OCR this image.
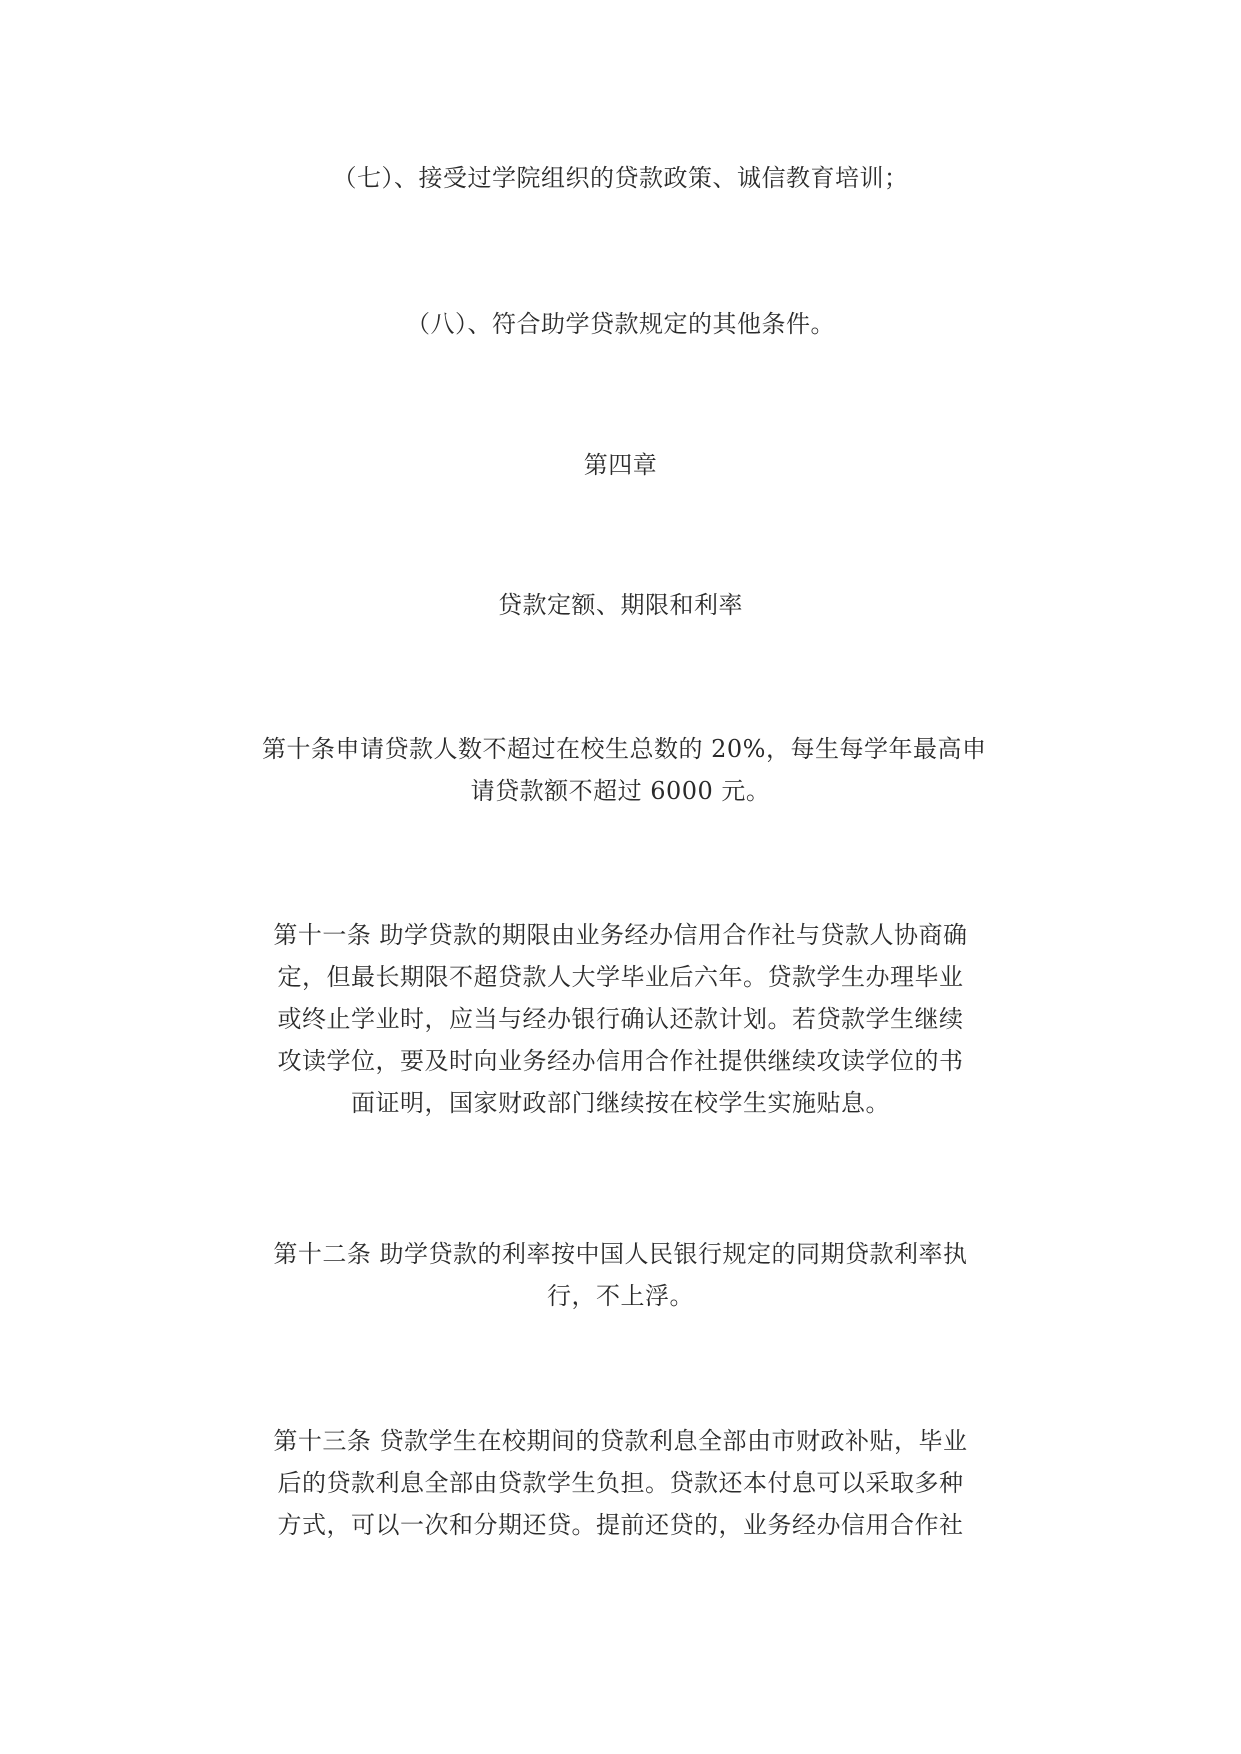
（七）、接受过学院组织的贷款政策、诚信教育培训；
（八）、符合助学贷款规定的其他条件。
第四章
贷款定额、期限和利率
第十条申请贷款人数不超过在校生总数的 20%，每生每学年最高申
请贷款额不超过 6000 元。
第十一条 助学贷款的期限由业务经办信用合作社与贷款人协商确
定，但最长期限不超贷款人大学毕业后六年。贷款学生办理毕业
或终止学业时，应当与经办银行确认还款计划。若贷款学生继续
攻读学位，要及时向业务经办信用合作社提供继续攻读学位的书
面证明，国家财政部门继续按在校学生实施贴息。
第十二条 助学贷款的利率按中国人民银行规定的同期贷款利率执
行，不上浮。
第十三条 贷款学生在校期间的贷款利息全部由市财政补贴，毕业
后的贷款利息全部由贷款学生负担。贷款还本付息可以采取多种
方式，可以一次和分期还贷。提前还贷的，业务经办信用合作社
